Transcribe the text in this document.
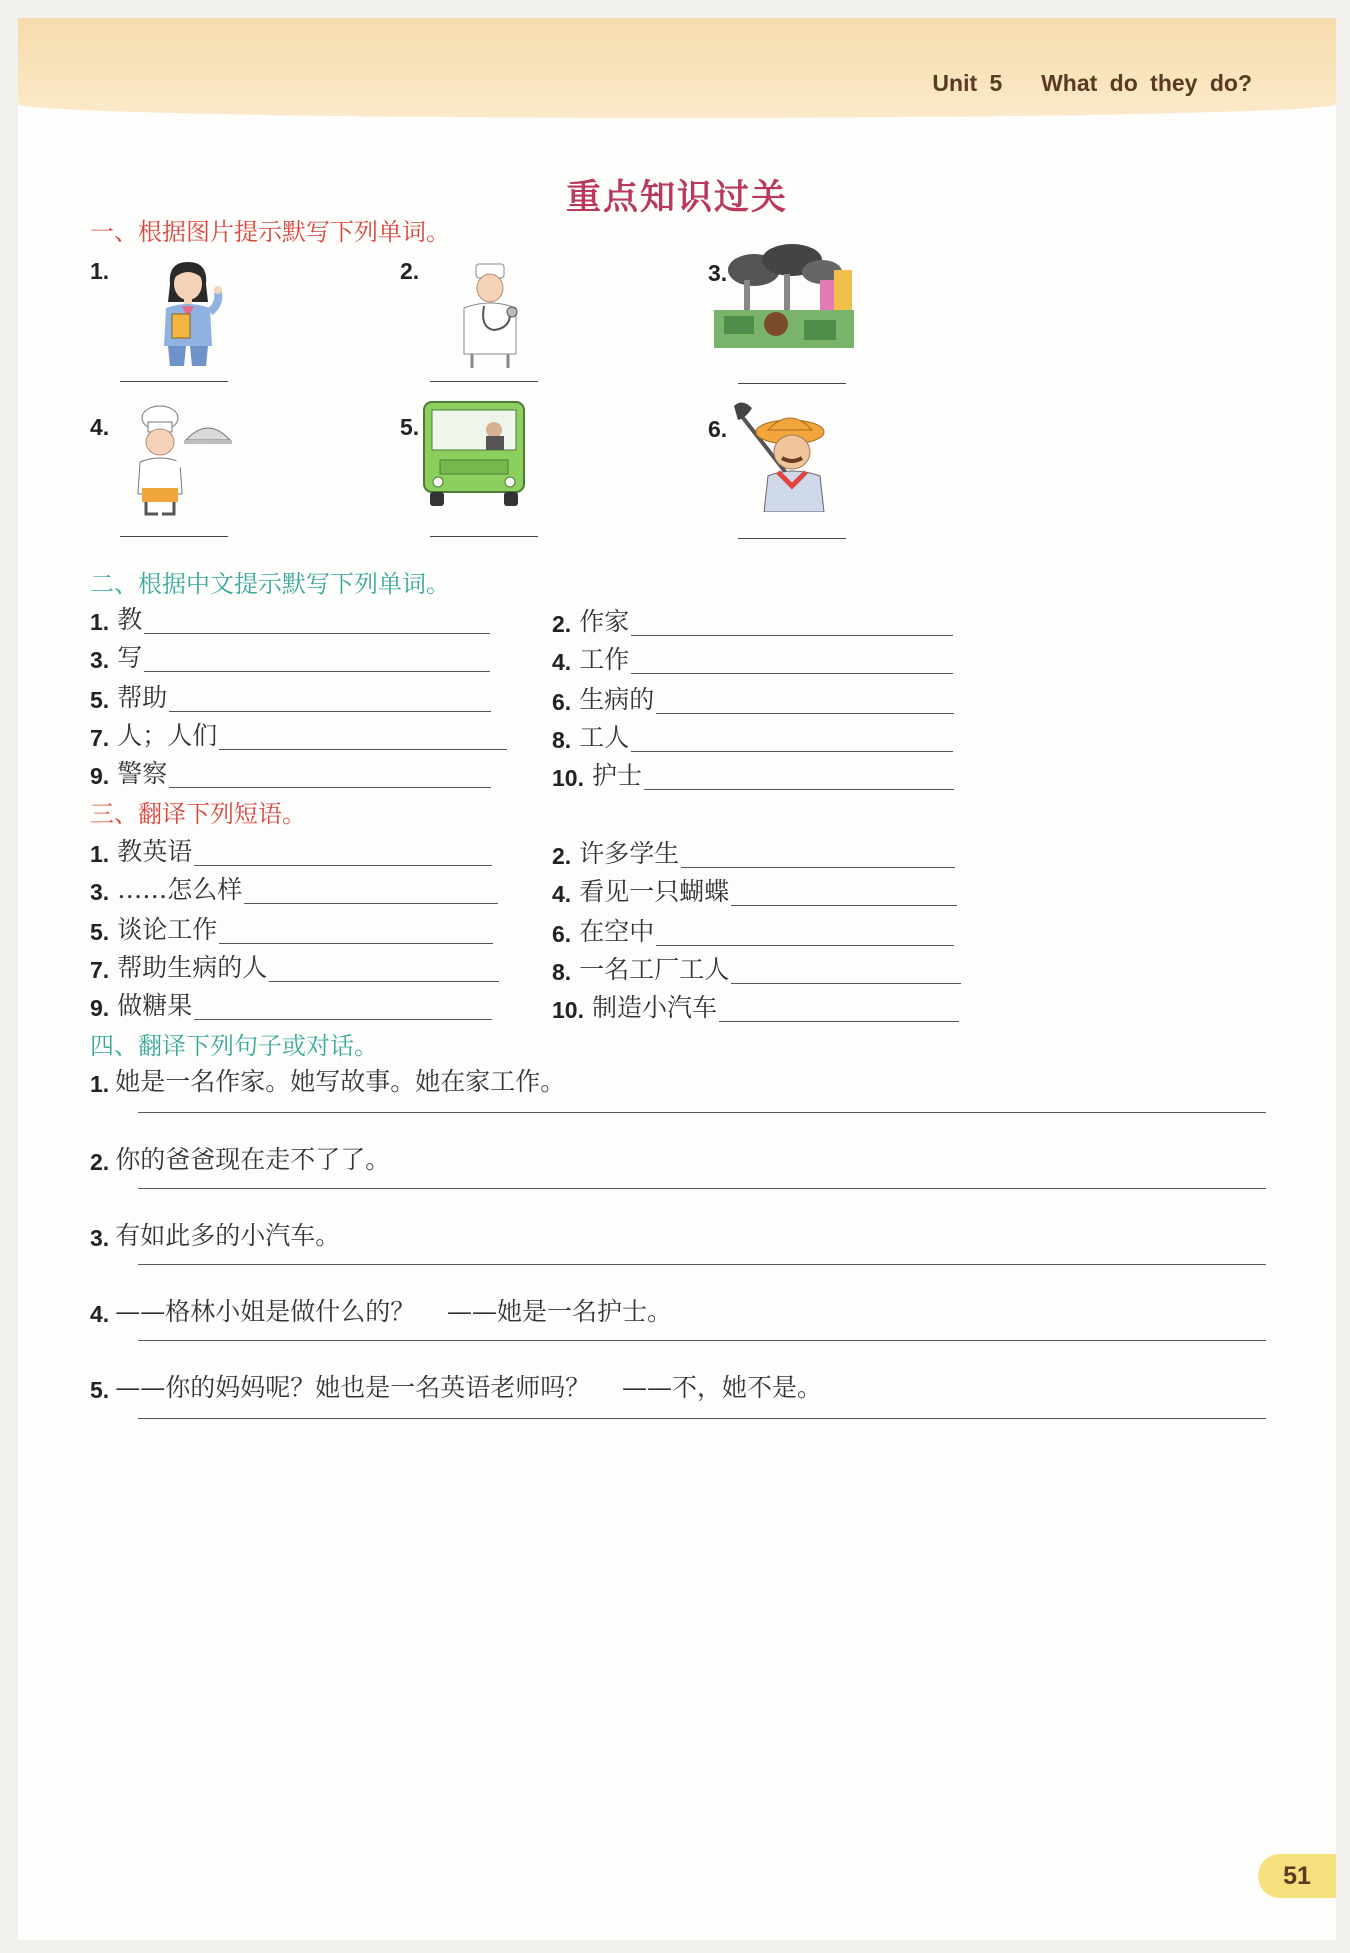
Unit 5 What do they do?
重点知识过关
一、根据图片提示默写下列单词。
1.	2.	3.
4.	5.	6.
二、根据中文提示默写下列单词。
1. 教	2. 作家
3. 写	4. 工作
5. 帮助	6. 生病的
7. 人；人们	8. 工人
9. 警察	10. 护士
三、翻译下列短语。
1. 教英语	2. 许多学生
3. ……怎么样	4. 看见一只蝴蝶
5. 谈论工作	6. 在空中
7. 帮助生病的人	8. 一名工厂工人
9. 做糖果	10. 制造小汽车
四、翻译下列句子或对话。
1. 她是一名作家。她写故事。她在家工作。
2. 你的爸爸现在走不了了。
3. 有如此多的小汽车。
4. ——格林小姐是做什么的？    ——她是一名护士。
5. ——你的妈妈呢？她也是一名英语老师吗？    ——不，她不是。
51
